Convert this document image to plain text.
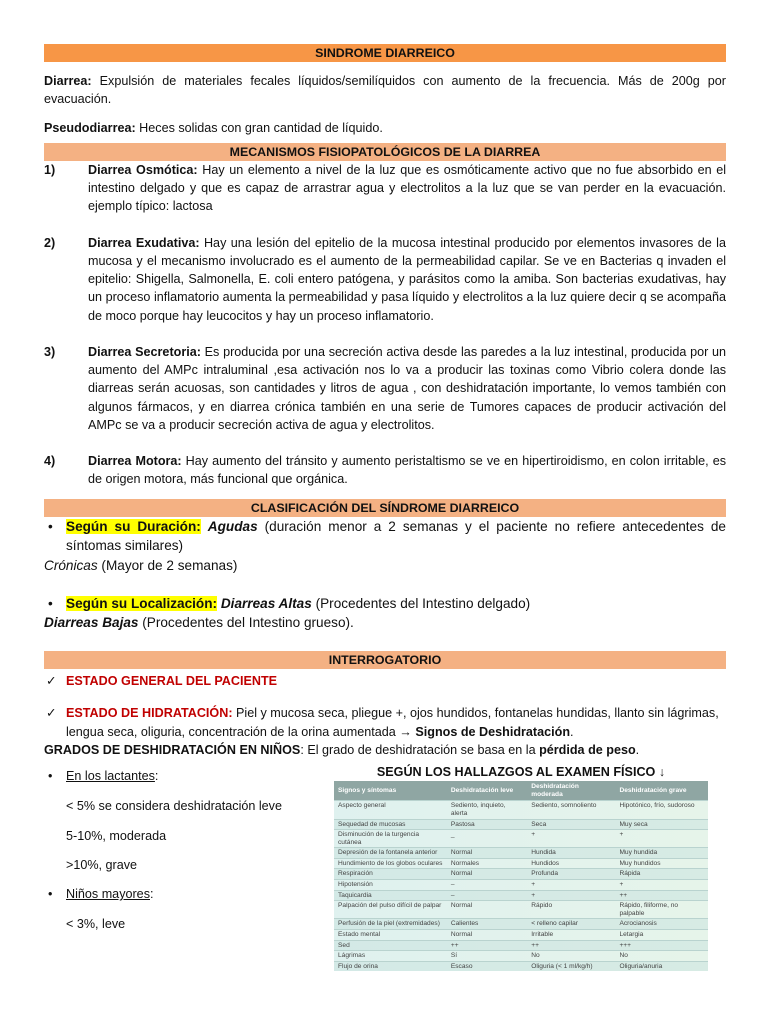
SINDROME DIARREICO

Diarrea: Expulsión de materiales fecales líquidos/semilíquidos con aumento de la frecuencia. Más de 200g por evacuación.

Pseudodiarrea: Heces solidas con gran cantidad de líquido.

MECANISMOS FISIOPATOLÓGICOS DE LA DIARREA
1)	Diarrea Osmótica: Hay un elemento a nivel de la luz que es osmóticamente activo que no fue absorbido en el intestino delgado y que es capaz de arrastrar agua y electrolitos a la luz que se van perder en la evacuación. ejemplo típico: lactosa
2)	Diarrea Exudativa: Hay una lesión del epitelio de la mucosa intestinal producido por elementos invasores de la mucosa y el mecanismo involucrado es el aumento de la permeabilidad capilar. Se ve en Bacterias q invaden el epitelio: Shigella, Salmonella, E. coli entero patógena, y parásitos como la amiba. Son bacterias exudativas, hay un proceso inflamatorio aumenta la permeabilidad y pasa líquido y electrolitos a la luz quiere decir q se acompaña de moco porque hay leucocitos y hay un proceso inflamatorio.
3)	Diarrea Secretoria: Es producida por una secreción activa desde las paredes a la luz intestinal, producida por un aumento del AMPc intraluminal ,esa activación nos lo va a producir las toxinas como Vibrio colera donde las diarreas serán acuosas, son cantidades y litros de agua , con deshidratación importante, lo vemos también con algunos fármacos, y en diarrea crónica también en una serie de Tumores capaces de producir activación del AMPc se va a producir secreción activa de agua y electrolitos.
4)	Diarrea Motora: Hay aumento del tránsito y aumento peristaltismo se ve en hipertiroidismo, en colon irritable, es de origen motora, más funcional que orgánica.
CLASIFICACIÓN DEL SÍNDROME DIARREICO
• Según su Duración: Agudas (duración menor a 2 semanas y el paciente no refiere antecedentes de síntomas similares)
Crónicas (Mayor de 2 semanas)
• Según su Localización: Diarreas Altas (Procedentes del Intestino delgado)
Diarreas Bajas (Procedentes del Intestino grueso).
INTERROGATORIO
✓ ESTADO GENERAL DEL PACIENTE
✓ ESTADO DE HIDRATACIÓN: Piel y mucosa seca, pliegue +, ojos hundidos, fontanelas hundidas, llanto sin lágrimas, lengua seca, oliguria, concentración de la orina aumentada → Signos de Deshidratación.
GRADOS DE DESHIDRATACIÓN EN NIÑOS: El grado de deshidratación se basa en la pérdida de peso.
•	En los lactantes:
< 5% se considera deshidratación leve
5-10%, moderada
>10%, grave
•	Niños mayores:
< 3%, leve
SEGÚN LOS HALLAZGOS AL EXAMEN FÍSICO ↓
Signos y síntomas	Deshidratación leve	Deshidratación moderada	Deshidratación grave
Aspecto general	Sediento, inquieto, alerta	Sediento, somnoliento	Hipotónico, frío, sudoroso
Sequedad de mucosas	Pastosa	Seca	Muy seca
Disminución de la turgencia cutánea	_	+	+
Depresión de la fontanela anterior	Normal	Hundida	Muy hundida
Hundimiento de los globos oculares	Normales	Hundidos	Muy hundidos
Respiración	Normal	Profunda	Rápida
Hipotensión	–	+	+
Taquicardia	–	+	++
Palpación del pulso difícil de palpar	Normal	Rápido	Rápido, filiforme, no palpable
Perfusión de la piel (extremidades)	Calientes	< relleno capilar	Acrocianosis
Estado mental	Normal	Irritable	Letargia
Sed	++	++	+++
Lágrimas	Sí	No	No
Flujo de orina	Escaso	Oliguria (< 1 ml/kg/h)	Oliguria/anuria
